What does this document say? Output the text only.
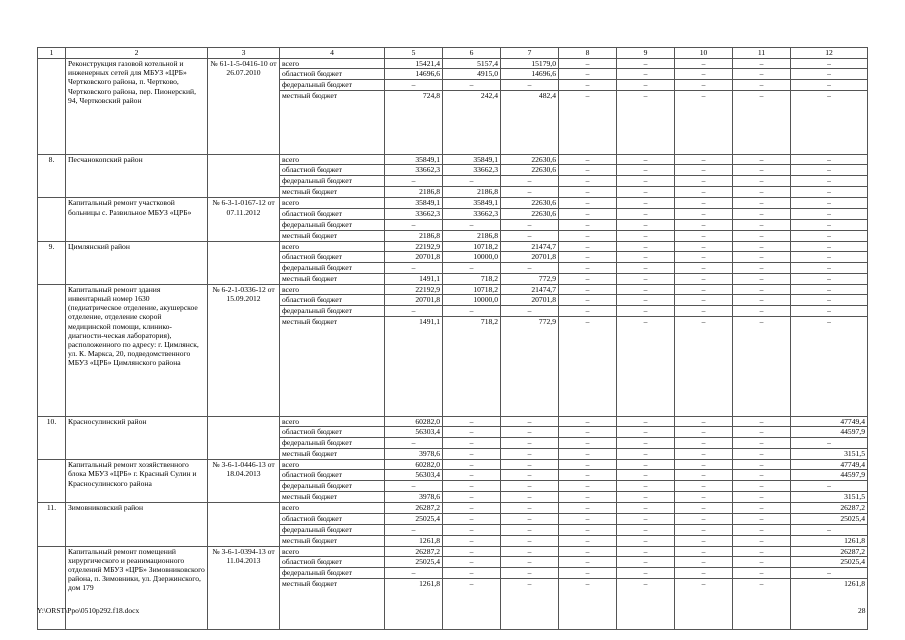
1	2	3	4	5	6	7	8	9	10	11	12
	Реконструкция газовой котельной и инженерных сетей для МБУЗ «ЦРБ» Чертковского района, п. Чертково, Чертковского района, пер. Пионерский, 94, Чертковский район	№ 61-1-5-0416-10 от 26.07.2010	всего	15421,4	5157,4	15179,0	–	–	–	–	–
			областной бюджет	14696,6	4915,0	14696,6	–	–	–	–	–
			федеральный бюджет	–	–	–	–	–	–	–	–
			местный бюджет	724,8	242,4	482,4	–	–	–	–	–
8.	Песчанокопский район		всего	35849,1	35849,1	22630,6	–	–	–	–	–
			областной бюджет	33662,3	33662,3	22630,6	–	–	–	–	–
			федеральный бюджет	–	–	–	–	–	–	–	–
			местный бюджет	2186,8	2186,8	–	–	–	–	–	–
	Капитальный ремонт участковой больницы с. Развильное МБУЗ «ЦРБ»	№ 6-3-1-0167-12 от 07.11.2012	всего	35849,1	35849,1	22630,6	–	–	–	–	–
			областной бюджет	33662,3	33662,3	22630,6	–	–	–	–	–
			федеральный бюджет	–	–	–	–	–	–	–	–
			местный бюджет	2186,8	2186,8	–	–	–	–	–	–
9.	Цимлянский район		всего	22192,9	10718,2	21474,7	–	–	–	–	–
			областной бюджет	20701,8	10000,0	20701,8	–	–	–	–	–
			федеральный бюджет	–	–	–	–	–	–	–	–
			местный бюджет	1491,1	718,2	772,9	–	–	–	–	–
	Капитальный ремонт здания инвентарный номер 1630 (педиатрическое отделение, акушерское отделение, отделение скорой медицинской помощи, клинико-диагности-ческая лаборатория), расположенного по адресу: г. Цимлянск, ул. К. Маркса, 20, подведомственного МБУЗ «ЦРБ» Цимлянского района	№ 6-2-1-0336-12 от 15.09.2012	всего	22192,9	10718,2	21474,7	–	–	–	–	–
			областной бюджет	20701,8	10000,0	20701,8	–	–	–	–	–
			федеральный бюджет	–	–	–	–	–	–	–	–
			местный бюджет	1491,1	718,2	772,9	–	–	–	–	–
10.	Красносулинский район		всего	60282,0	–	–	–	–	–	–	47749,4
			областной бюджет	56303,4	–	–	–	–	–	–	44597,9
			федеральный бюджет	–	–	–	–	–	–	–	–
			местный бюджет	3978,6	–	–	–	–	–	–	3151,5
	Капитальный ремонт хозяйственного блока МБУЗ «ЦРБ» г. Красный Сулин и Красносулинского района	№ 3-6-1-0446-13 от 18.04.2013	всего	60282,0	–	–	–	–	–	–	47749,4
			областной бюджет	56303,4	–	–	–	–	–	–	44597,9
			федеральный бюджет	–	–	–	–	–	–	–	–
			местный бюджет	3978,6	–	–	–	–	–	–	3151,5
11.	Зимовниковский район		всего	26287,2	–	–	–	–	–	–	26287,2
			областной бюджет	25025,4	–	–	–	–	–	–	25025,4
			федеральный бюджет	–	–	–	–	–	–	–	–
			местный бюджет	1261,8	–	–	–	–	–	–	1261,8
	Капитальный ремонт помещений хирургического и реанимационного отделений МБУЗ «ЦРБ» Зимовниковского района, п. Зимовники, ул. Дзержинского, дом 179	№ 3-6-1-0394-13 от 11.04.2013	всего	26287,2	–	–	–	–	–	–	26287,2
			областной бюджет	25025,4	–	–	–	–	–	–	25025,4
			федеральный бюджет	–	–	–	–	–	–	–	–
			местный бюджет	1261,8	–	–	–	–	–	–	1261,8
Y:\ORST\Ppo\0510p292.f18.docx	28
